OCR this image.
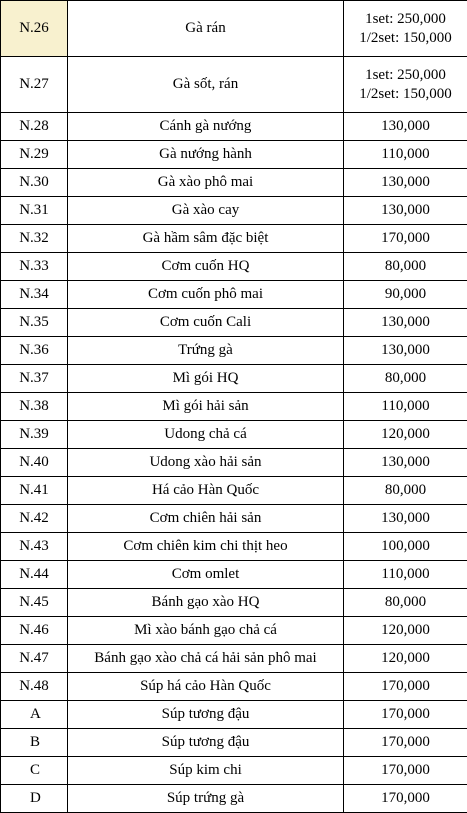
N.26	Gà rán	1set: 250,000
1/2set: 150,000

N.27	Gà sốt, rán	1set: 250,000
1/2set: 150,000

N.28	Cánh gà nướng	130,000

N.29	Gà nướng hành	110,000

N.30	Gà xào phô mai	130,000

N.31	Gà xào cay	130,000

N.32	Gà hầm sâm đặc biệt	170,000

N.33	Cơm cuốn HQ	80,000

N.34	Cơm cuốn phô mai	90,000

N.35	Cơm cuốn Cali	130,000

N.36	Trứng gà	130,000

N.37	Mì gói HQ	80,000

N.38	Mì gói hải sản	110,000

N.39	Udong chả cá	120,000

N.40	Udong xào hải sản	130,000

N.41	Há cảo Hàn Quốc	80,000

N.42	Cơm chiên hải sản	130,000

N.43	Cơm chiên kim chi thịt heo	100,000

N.44	Cơm omlet	110,000

N.45	Bánh gạo xào HQ	80,000

N.46	Mì xào bánh gạo chả cá	120,000

N.47	Bánh gạo xào chả cá hải sản phô mai	120,000

N.48	Súp há cảo Hàn Quốc	170,000

A	Súp tương đậu	170,000

B	Súp tương đậu	170,000

C	Súp kim chi	170,000

D	Súp trứng gà	170,000
